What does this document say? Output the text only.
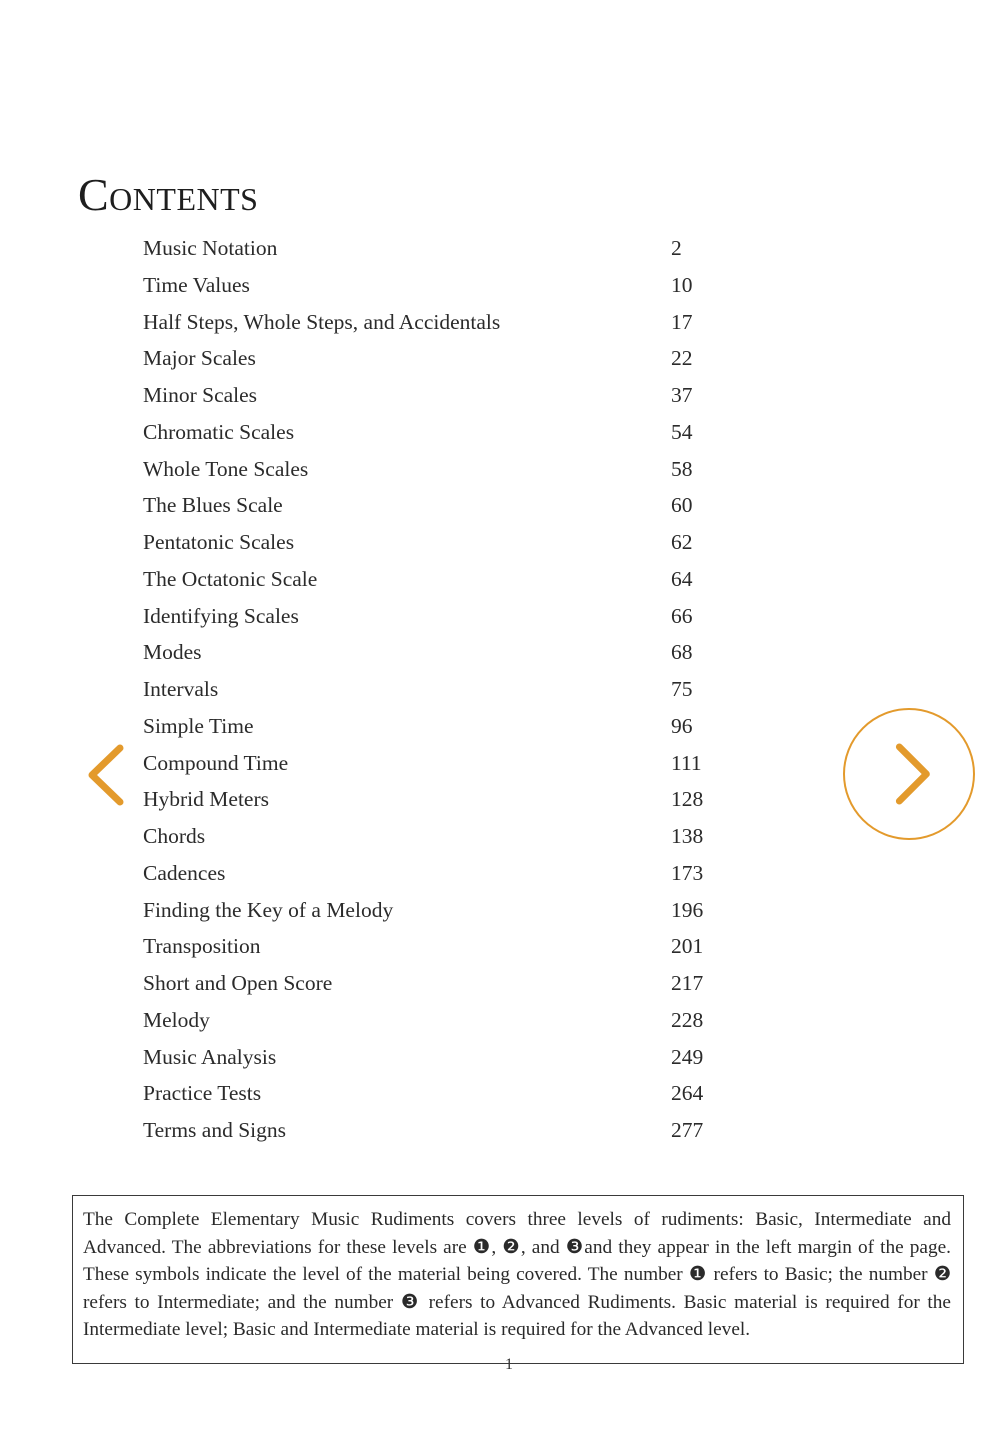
Contents
Music Notation	2
Time Values	10
Half Steps, Whole Steps, and Accidentals	17
Major Scales	22
Minor Scales	37
Chromatic Scales	54
Whole Tone Scales	58
The Blues Scale	60
Pentatonic Scales	62
The Octatonic Scale	64
Identifying Scales	66
Modes	68
Intervals	75
Simple Time	96
Compound Time	111
Hybrid Meters	128
Chords	138
Cadences	173
Finding the Key of a Melody	196
Transposition	201
Short and Open Score	217
Melody	228
Music Analysis	249
Practice Tests	264
Terms and Signs	277
The Complete Elementary Music Rudiments covers three levels of rudiments: Basic, Intermediate and Advanced. The abbreviations for these levels are ❶, ❷, and ❸and they appear in the left margin of the page. These symbols indicate the level of the material being covered. The number ❶ refers to Basic; the number ❷ refers to Intermediate; and the number ❸ refers to Advanced Rudiments. Basic material is required for the Intermediate level; Basic and Intermediate material is required for the Advanced level.
1
